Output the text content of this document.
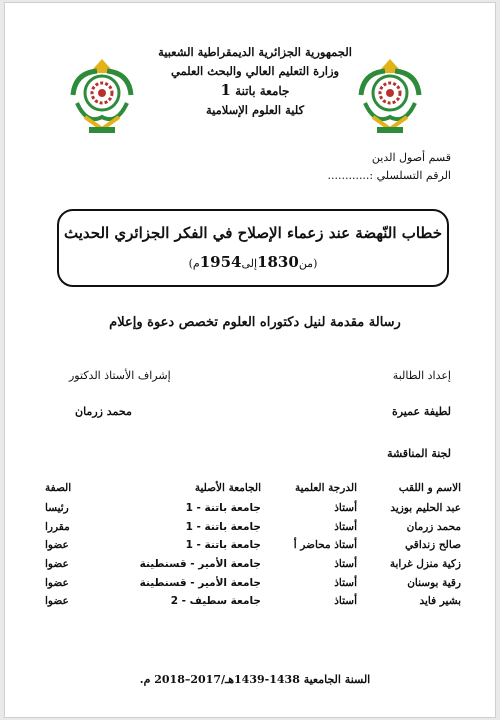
الجمهورية الجزائرية الديمقراطية الشعبية
وزارة التعليم العالي والبحث العلمي
جامعة باتنة 1
كلية العلوم الإسلامية
قسم أصول الدين
الرقم التسلسلي :............
خطاب النّهضة عند زعماء الإصلاح في الفكر الجزائري الحديث
(من1830إلى1954م)
رسالة مقدمة لنيل دكتوراه العلوم تخصص دعوة وإعلام
إعداد الطالبة
إشراف الأستاذ الدكتور
لطيفة عميرة
محمد زرمان
لجنة المناقشة
الاسم و اللقب	الدرجة العلمية	الجامعة الأصلية	الصفة
عبد الحليم بوزيد	أستاذ	جامعة باتنة - 1	رئيسا
محمد زرمان	أستاذ	جامعة باتنة - 1	مقررا
صالح زنداقي	أستاذ محاضر أ	جامعة باتنة - 1	عضوا
زكية منزل غرابة	أستاذ	جامعة الأمير - قسنطينة	عضوا
رقية بوسنان	أستاذ	جامعة الأمير - قسنطينة	عضوا
بشير فايد	أستاذ	جامعة سطيف - 2	عضوا
السنة الجامعية 1438-1439هـ/2017–2018 م.
